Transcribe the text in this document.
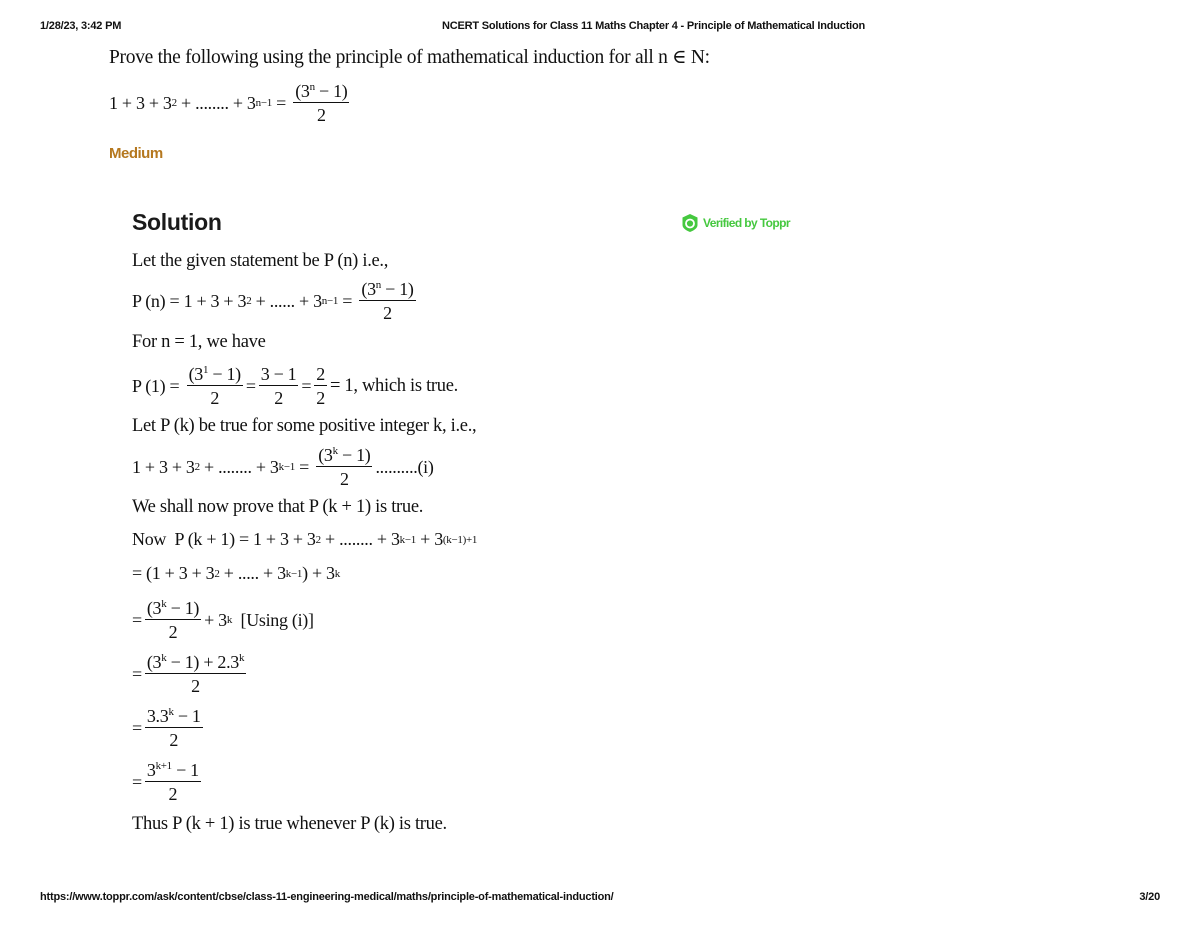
1/28/23, 3:42 PM	NCERT Solutions for Class 11 Maths Chapter 4 - Principle of Mathematical Induction
Prove the following using the principle of mathematical induction for all n ∈ N:
1 + 3 + 3 2 + ........ + 3 $n-1 = \frac{(3^n - 1)}{2}$
Medium
Solution	Verified by Toppr
Let the given statement be P (n) i.e.,
P (n) = 1 + 3 + 3 2 + ...... + 3 $n-1 = \frac{(3^n - 1)}{2}$
For n = 1, we have
P $(1) = \frac{(3^1 - 1)}{2} = \frac{3 - 1}{2} = \frac{2}{2} = 1$, which is true.
Let P (k) be true for some positive integer k, i.e.,
1 + 3 + 3 2 + ........ + 3 $k-1 = \frac{(3^k - 1)}{2} ..........(i)$
We shall now prove that P (k + 1) is true.
Now  P (k + 1) = 1 + 3 + 3 2 + ........ + 3 k−1 + 3 (k−1)+1
= (1 + 3 + 3 2 + ..... + 3 k−1 ) + 3 k
= $\frac{(3^k - 1)}{2} + 3$ k [Using (i)]
= $\frac{(3^k - 1) + 2.3^k}{2}$
= $\frac{3.3^k - 1}{2}$
= $\frac{3^{k+1} - 1}{2}$
Thus P (k + 1) is true whenever P (k) is true.
https://www.toppr.com/ask/content/cbse/class-11-engineering-medical/maths/principle-of-mathematical-induction/	3/20
